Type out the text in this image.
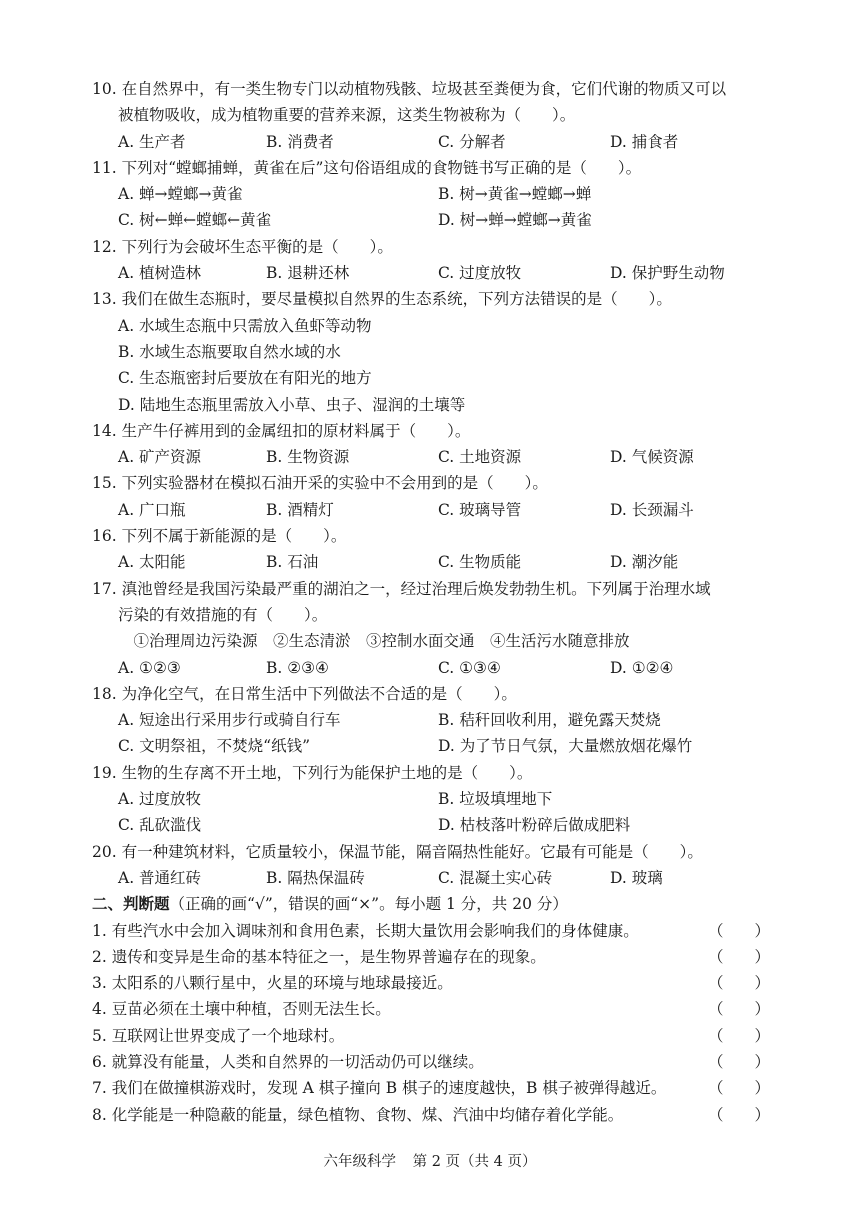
10. 在自然界中，有一类生物专门以动植物残骸、垃圾甚至粪便为食，它们代谢的物质又可以
被植物吸收，成为植物重要的营养来源，这类生物被称为（　　）。
A. 生产者	B. 消费者	C. 分解者	D. 捕食者
11. 下列对“螳螂捕蝉，黄雀在后”这句俗语组成的食物链书写正确的是（　　）。
A. 蝉→螳螂→黄雀	B. 树→黄雀→螳螂→蝉
C. 树←蝉←螳螂←黄雀	D. 树→蝉→螳螂→黄雀
12. 下列行为会破坏生态平衡的是（　　）。
A. 植树造林	B. 退耕还林	C. 过度放牧	D. 保护野生动物
13. 我们在做生态瓶时，要尽量模拟自然界的生态系统，下列方法错误的是（　　）。
A. 水域生态瓶中只需放入鱼虾等动物
B. 水域生态瓶要取自然水域的水
C. 生态瓶密封后要放在有阳光的地方
D. 陆地生态瓶里需放入小草、虫子、湿润的土壤等
14. 生产牛仔裤用到的金属纽扣的原材料属于（　　）。
A. 矿产资源	B. 生物资源	C. 土地资源	D. 气候资源
15. 下列实验器材在模拟石油开采的实验中不会用到的是（　　）。
A. 广口瓶	B. 酒精灯	C. 玻璃导管	D. 长颈漏斗
16. 下列不属于新能源的是（　　）。
A. 太阳能	B. 石油	C. 生物质能	D. 潮汐能
17. 滇池曾经是我国污染最严重的湖泊之一，经过治理后焕发勃勃生机。下列属于治理水域
污染的有效措施的有（　　）。
　①治理周边污染源　②生态清淤　③控制水面交通　④生活污水随意排放
A. ①②③	B. ②③④	C. ①③④	D. ①②④
18. 为净化空气，在日常生活中下列做法不合适的是（　　）。
A. 短途出行采用步行或骑自行车	B. 秸秆回收利用，避免露天焚烧
C. 文明祭祖，不焚烧“纸钱”	D. 为了节日气氛，大量燃放烟花爆竹
19. 生物的生存离不开土地，下列行为能保护土地的是（　　）。
A. 过度放牧	B. 垃圾填埋地下
C. 乱砍滥伐	D. 枯枝落叶粉碎后做成肥料
20. 有一种建筑材料，它质量较小，保温节能，隔音隔热性能好。它最有可能是（　　）。
A. 普通红砖	B. 隔热保温砖	C. 混凝土实心砖	D. 玻璃
二、判断题（正确的画“√”，错误的画“×”。每小题 1 分，共 20 分）
1. 有些汽水中会加入调味剂和食用色素，长期大量饮用会影响我们的身体健康。	（　　）
2. 遗传和变异是生命的基本特征之一，是生物界普遍存在的现象。	（　　）
3. 太阳系的八颗行星中，火星的环境与地球最接近。	（　　）
4. 豆苗必须在土壤中种植，否则无法生长。	（　　）
5. 互联网让世界变成了一个地球村。	（　　）
6. 就算没有能量，人类和自然界的一切活动仍可以继续。	（　　）
7. 我们在做撞棋游戏时，发现 A 棋子撞向 B 棋子的速度越快，B 棋子被弹得越近。	（　　）
8. 化学能是一种隐蔽的能量，绿色植物、食物、煤、汽油中均储存着化学能。	（　　）
六年级科学 第 2 页（共 4 页）
